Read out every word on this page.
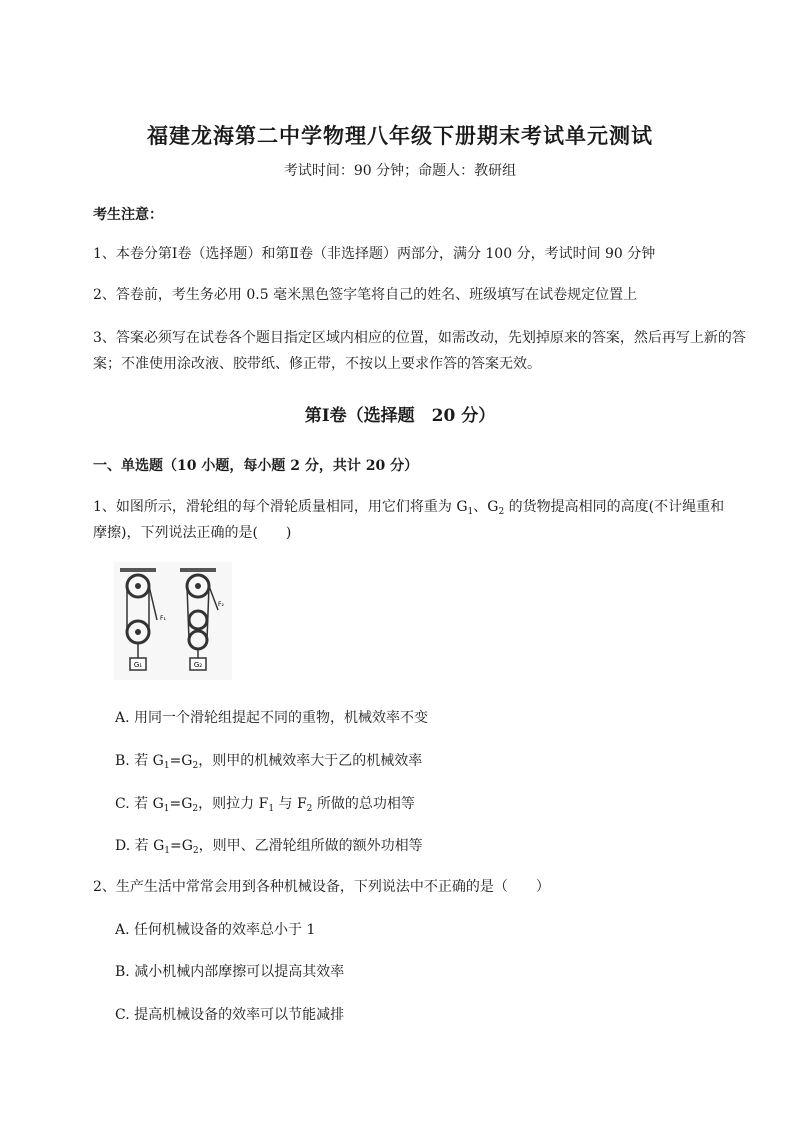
福建龙海第二中学物理八年级下册期末考试单元测试
考试时间：90 分钟；命题人：教研组
考生注意：
1、本卷分第Ⅰ卷（选择题）和第Ⅱ卷（非选择题）两部分，满分 100 分，考试时间 90 分钟
2、答卷前，考生务必用 0.5 毫米黑色签字笔将自己的姓名、班级填写在试卷规定位置上
3、答案必须写在试卷各个题目指定区域内相应的位置，如需改动，先划掉原来的答案，然后再写上新的答案；不准使用涂改液、胶带纸、修正带，不按以上要求作答的答案无效。
第Ⅰ卷（选择题　20 分）
一、单选题（10 小题，每小题 2 分，共计 20 分）
1、如图所示，滑轮组的每个滑轮质量相同，用它们将重为 $G_1$、$G_2$ 的货物提高相同的高度(不计绳重和
摩擦)，下列说法正确的是(　　)
G₁	G₂
F₁
F₂
A. 用同一个滑轮组提起不同的重物，机械效率不变
B. 若 $G_1=G_2$，则甲的机械效率大于乙的机械效率
C. 若 $G_1=G_2$，则拉力 $F_1$ 与 $F_2$ 所做的总功相等
D. 若 $G_1=G_2$，则甲、乙滑轮组所做的额外功相等
2、生产生活中常常会用到各种机械设备，下列说法中不正确的是（　　）
A. 任何机械设备的效率总小于 1
B. 减小机械内部摩擦可以提高其效率
C. 提高机械设备的效率可以节能减排
